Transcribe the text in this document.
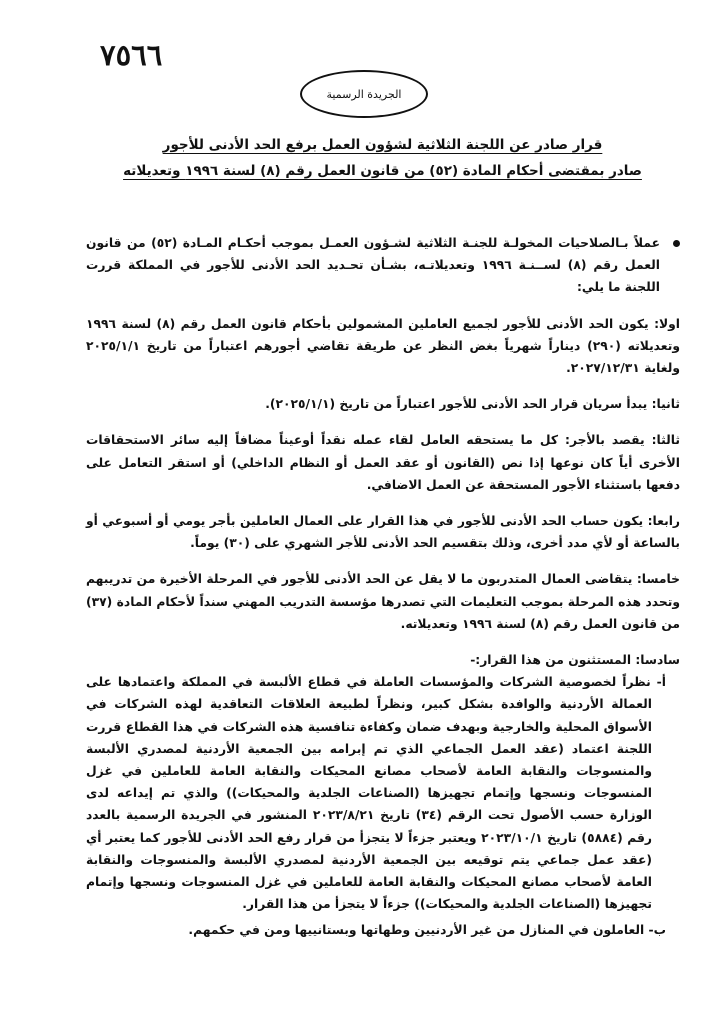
٧٥٦٦
الجريدة الرسمية
قرار صادر عن اللجنة الثلاثية لشؤون العمل برفع الحد الأدنى للأجور
صادر بمقتضى أحكام المادة (٥٢) من قانون العمل رقم (٨) لسنة ١٩٩٦ وتعديلاته
عملاً بـالصلاحيات المخولـة للجنـة الثلاثية لشـؤون العمـل بموجب أحكـام المـادة (٥٢) من قانون العمل رقم (٨) لســنـة ١٩٩٦ وتعديلاتـه، بشـأن تحـديد الحد الأدنى للأجور في المملكة قررت اللجنة ما يلي:
اولا: يكون الحد الأدنى للأجور لجميع العاملين المشمولين بأحكام قانون العمل رقم (٨) لسنة ١٩٩٦ وتعديلاته (٢٩٠) ديناراً شهرياً بغض النظر عن طريقة تقاضي أجورهم اعتباراً من تاريخ ٢٠٢٥/١/١ ولغاية ٢٠٢٧/١٢/٣١.
ثانيا: يبدأ سريان قرار الحد الأدنى للأجور اعتباراً من تاريخ (٢٠٢٥/١/١).
ثالثا: يقصد بالأجر: كل ما يستحقه العامل لقاء عمله نقداً أوعيناً مضافاً إليه سائر الاستحقاقات الأخرى أياً كان نوعها إذا نص (القانون أو عقد العمل أو النظام الداخلي) أو استقر التعامل على دفعها باستثناء الأجور المستحقة عن العمل الاضافي.
رابعا: يكون حساب الحد الأدنى للأجور في هذا القرار على العمال العاملين بأجر يومي أو أسبوعي أو بالساعة أو لأي مدد أخرى، وذلك بتقسيم الحد الأدنى للأجر الشهري على (٣٠) يوماً.
خامسا: يتقاضى العمال المتدربون ما لا يقل عن الحد الأدنى للأجور في المرحلة الأخيرة من تدريبهم وتحدد هذه المرحلة بموجب التعليمات التي تصدرها مؤسسة التدريب المهني سنداً لأحكام المادة (٣٧) من قانون العمل رقم (٨) لسنة ١٩٩٦ وتعديلاته.
سادسا: المستثنون من هذا القرار:-
أ- نظراً لخصوصية الشركات والمؤسسات العاملة في قطاع الألبسة في المملكة واعتمادها على العمالة الأردنية والوافدة بشكل كبير، ونظراً لطبيعة العلاقات التعاقدية لهذه الشركات في الأسواق المحلية والخارجية وبهدف ضمان وكفاءة تنافسية هذه الشركات في هذا القطاع قررت اللجنة اعتماد (عقد العمل الجماعي الذي تم إبرامه بين الجمعية الأردنية لمصدري الألبسة والمنسوجات والنقابة العامة لأصحاب مصانع المحيكات والنقابة العامة للعاملين في غزل المنسوجات ونسجها وإتمام تجهيزها (الصناعات الجلدية والمحيكات)) والذي تم إيداعه لدى الوزارة حسب الأصول تحت الرقم (٣٤) تاريخ ٢٠٢٣/٨/٢١ المنشور في الجريدة الرسمية بالعدد رقم (٥٨٨٤) تاريخ ٢٠٢٣/١٠/١ ويعتبر جزءاً لا يتجزأ من قرار رفع الحد الأدنى للأجور كما يعتبر أي (عقد عمل جماعي يتم توقيعه بين الجمعية الأردنية لمصدري الألبسة والمنسوجات والنقابة العامة لأصحاب مصانع المحيكات والنقابة العامة للعاملين في غزل المنسوجات ونسجها وإتمام تجهيزها (الصناعات الجلدية والمحيكات)) جزءاً لا يتجزأ من هذا القرار.
ب- العاملون في المنازل من غير الأردنيين وطهاتها وبستانييها ومن في حكمهم.
